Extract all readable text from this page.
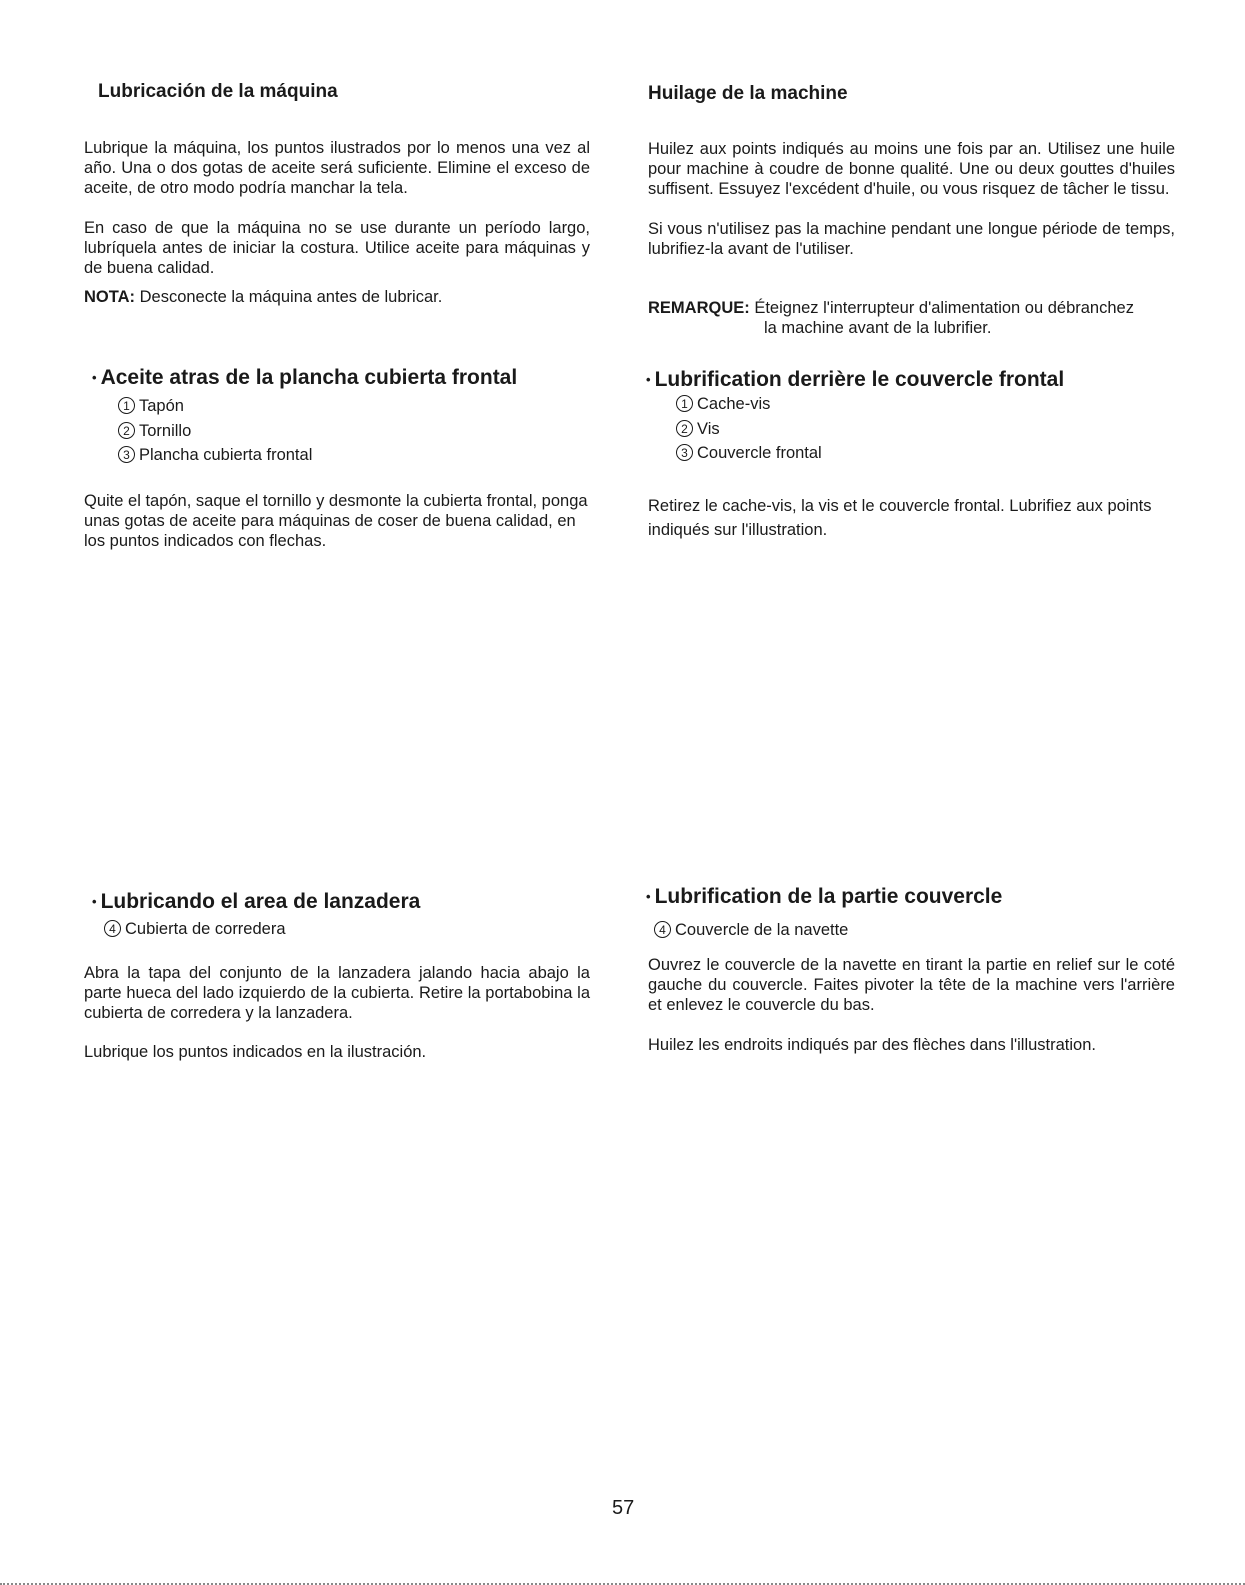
Lubricación de la máquina

Lubrique la máquina, los puntos ilustrados por lo menos una vez al año. Una o dos gotas de aceite será suficiente. Elimine el exceso de aceite, de otro modo podría manchar la tela.

En caso de que la máquina no se use durante un período largo, lubríquela antes de iniciar la costura. Utilice aceite para máquinas y de buena calidad.

NOTA: Desconecte la máquina antes de lubricar.
• Aceite atras de la plancha cubierta frontal
1 Tapón
2 Tornillo
3 Plancha cubierta frontal

Quite el tapón, saque el tornillo y desmonte la cubierta frontal, ponga unas gotas de aceite para máquinas de coser de buena calidad, en los puntos indicados con flechas.

• Lubricando el area de lanzadera
4 Cubierta de corredera

Abra la tapa del conjunto de la lanzadera jalando hacia abajo la parte hueca del lado izquierdo de la cubierta. Retire la portabobina la cubierta de corredera y la lanzadera.

Lubrique los puntos indicados en la ilustración.

Huilage de la machine

Huilez aux points indiqués au moins une fois par an. Utilisez une huile pour machine à coudre de bonne qualité. Une ou deux gouttes d'huiles suffisent. Essuyez l'excédent d'huile, ou vous risquez de tâcher le tissu.

Si vous n'utilisez pas la machine pendant une longue période de temps, lubrifiez-la avant de l'utiliser.

REMARQUE: Éteignez l'interrupteur d'alimentation ou débranchez
la machine avant de la lubrifier.
• Lubrification derrière le couvercle frontal
1 Cache-vis
2 Vis
3 Couvercle frontal

Retirez le cache-vis, la vis et le couvercle frontal. Lubrifiez aux points indiqués sur l'illustration.

• Lubrification de la partie couvercle
4 Couvercle de la navette

Ouvrez le couvercle de la navette en tirant la partie en relief sur le coté gauche du couvercle. Faites pivoter la tête de la machine vers l'arrière et enlevez le couvercle du bas.

Huilez les endroits indiqués par des flèches dans l'illustration.

57
